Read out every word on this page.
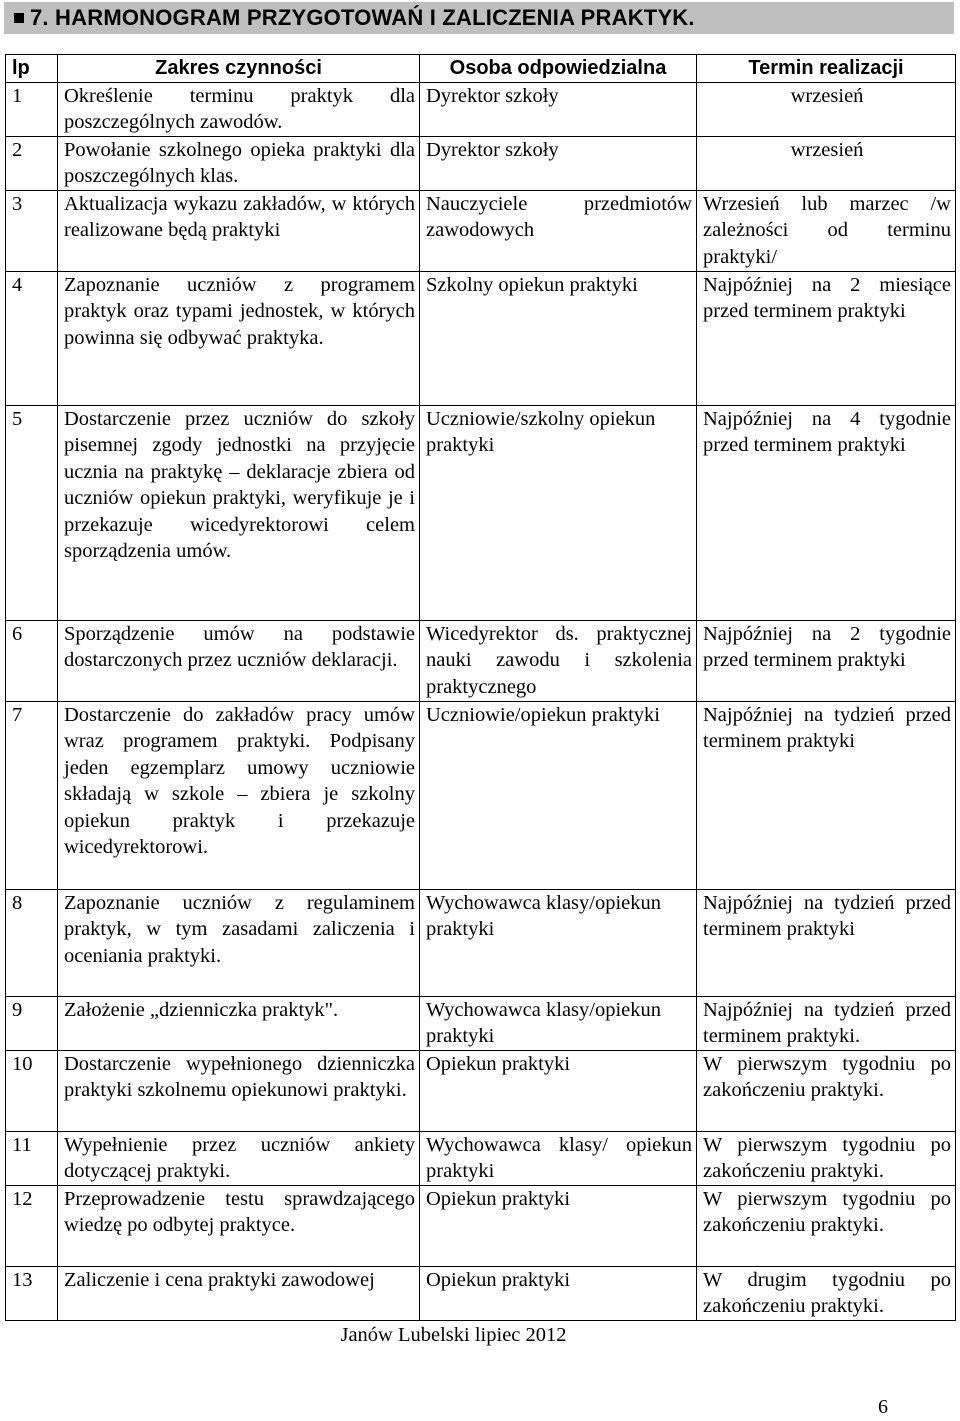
7. HARMONOGRAM PRZYGOTOWAŃ I ZALICZENIA PRAKTYK.
lp	Zakres czynności	Osoba odpowiedzialna	Termin realizacji
1	Określenie terminu praktyk dla poszczególnych zawodów.	Dyrektor szkoły	wrzesień
2	Powołanie szkolnego opieka praktyki dla poszczególnych klas.	Dyrektor szkoły	wrzesień
3	Aktualizacja wykazu zakładów, w których realizowane będą praktyki	Nauczyciele przedmiotów zawodowych	Wrzesień lub marzec /w zależności od terminu praktyki/
4	Zapoznanie uczniów z programem praktyk oraz typami jednostek, w których powinna się odbywać praktyka.	Szkolny opiekun praktyki	Najpóźniej na 2 miesiące przed terminem praktyki
5	Dostarczenie przez uczniów do szkoły pisemnej zgody jednostki na przyjęcie ucznia na praktykę – deklaracje zbiera od uczniów opiekun praktyki, weryfikuje je i przekazuje wicedyrektorowi celem sporządzenia umów.	Uczniowie/szkolny opiekun praktyki	Najpóźniej na 4 tygodnie przed terminem praktyki
6	Sporządzenie umów na podstawie dostarczonych przez uczniów deklaracji.	Wicedyrektor ds. praktycznej nauki zawodu i szkolenia praktycznego	Najpóźniej na 2 tygodnie przed terminem praktyki
7	Dostarczenie do zakładów pracy umów wraz programem praktyki. Podpisany jeden egzemplarz umowy uczniowie składają w szkole – zbiera je szkolny opiekun praktyk i przekazuje wicedyrektorowi.	Uczniowie/opiekun praktyki	Najpóźniej na tydzień przed terminem praktyki
8	Zapoznanie uczniów z regulaminem praktyk, w tym zasadami zaliczenia i oceniania praktyki.	Wychowawca klasy/opiekun praktyki	Najpóźniej na tydzień przed terminem praktyki
9	Założenie „dzienniczka praktyk".	Wychowawca klasy/opiekun praktyki	Najpóźniej na tydzień przed terminem praktyki.
10	Dostarczenie wypełnionego dzienniczka praktyki szkolnemu opiekunowi praktyki.	Opiekun praktyki	W pierwszym tygodniu po zakończeniu praktyki.
11	Wypełnienie przez uczniów ankiety dotyczącej praktyki.	Wychowawca klasy/ opiekun praktyki	W pierwszym tygodniu po zakończeniu praktyki.
12	Przeprowadzenie testu sprawdzającego wiedzę po odbytej praktyce.	Opiekun praktyki	W pierwszym tygodniu po zakończeniu praktyki.
13	Zaliczenie i cena praktyki zawodowej	Opiekun praktyki	W drugim tygodniu po zakończeniu praktyki.
Janów Lubelski lipiec 2012
6
